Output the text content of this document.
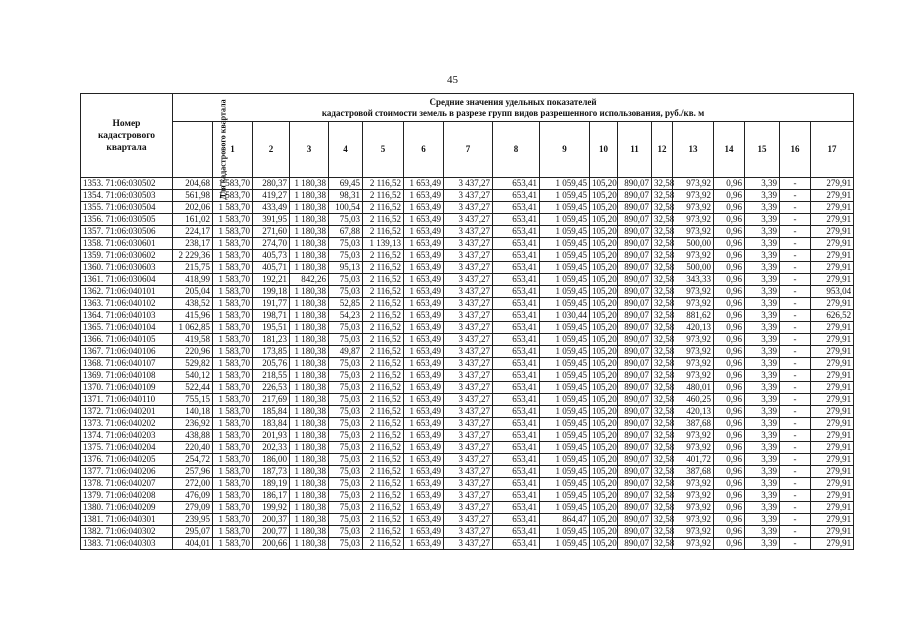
45
Номер кадастрового квартала	Средние значения удельных показателей
кадастровой стоимости земель в разрезе групп видов разрешенного использования, руб./кв. м																	

	Для кадастрового квартала	1	2	3	4	5	6	7	8	9	10	11	12	13	14	15	16	17
1353. 71:06:030502	204,68	1 583,70	280,37	1 180,38	69,45	2 116,52	1 653,49	3 437,27	653,41	1 059,45	105,20	890,07	32,58	973,92	0,96	3,39	-	279,91
1354. 71:06:030503	561,98	1 583,70	419,27	1 180,38	98,31	2 116,52	1 653,49	3 437,27	653,41	1 059,45	105,20	890,07	32,58	973,92	0,96	3,39	-	279,91
1355. 71:06:030504	202,06	1 583,70	433,49	1 180,38	100,54	2 116,52	1 653,49	3 437,27	653,41	1 059,45	105,20	890,07	32,58	973,92	0,96	3,39	-	279,91
1356. 71:06:030505	161,02	1 583,70	391,95	1 180,38	75,03	2 116,52	1 653,49	3 437,27	653,41	1 059,45	105,20	890,07	32,58	973,92	0,96	3,39	-	279,91
1357. 71:06:030506	224,17	1 583,70	271,60	1 180,38	67,88	2 116,52	1 653,49	3 437,27	653,41	1 059,45	105,20	890,07	32,58	973,92	0,96	3,39	-	279,91
1358. 71:06:030601	238,17	1 583,70	274,70	1 180,38	75,03	1 139,13	1 653,49	3 437,27	653,41	1 059,45	105,20	890,07	32,58	500,00	0,96	3,39	-	279,91
1359. 71:06:030602	2 229,36	1 583,70	405,73	1 180,38	75,03	2 116,52	1 653,49	3 437,27	653,41	1 059,45	105,20	890,07	32,58	973,92	0,96	3,39	-	279,91
1360. 71:06:030603	215,75	1 583,70	405,71	1 180,38	95,13	2 116,52	1 653,49	3 437,27	653,41	1 059,45	105,20	890,07	32,58	500,00	0,96	3,39	-	279,91
1361. 71:06:030604	418,99	1 583,70	192,21	842,26	75,03	2 116,52	1 653,49	3 437,27	653,41	1 059,45	105,20	890,07	32,58	343,33	0,96	3,39	-	279,91
1362. 71:06:040101	205,04	1 583,70	199,18	1 180,38	75,03	2 116,52	1 653,49	3 437,27	653,41	1 059,45	105,20	890,07	32,58	973,92	0,96	3,39	-	953,04
1363. 71:06:040102	438,52	1 583,70	191,77	1 180,38	52,85	2 116,52	1 653,49	3 437,27	653,41	1 059,45	105,20	890,07	32,58	973,92	0,96	3,39	-	279,91
1364. 71:06:040103	415,96	1 583,70	198,71	1 180,38	54,23	2 116,52	1 653,49	3 437,27	653,41	1 030,44	105,20	890,07	32,58	881,62	0,96	3,39	-	626,52
1365. 71:06:040104	1 062,85	1 583,70	195,51	1 180,38	75,03	2 116,52	1 653,49	3 437,27	653,41	1 059,45	105,20	890,07	32,58	420,13	0,96	3,39	-	279,91
1366. 71:06:040105	419,58	1 583,70	181,23	1 180,38	75,03	2 116,52	1 653,49	3 437,27	653,41	1 059,45	105,20	890,07	32,58	973,92	0,96	3,39	-	279,91
1367. 71:06:040106	220,96	1 583,70	173,85	1 180,38	49,87	2 116,52	1 653,49	3 437,27	653,41	1 059,45	105,20	890,07	32,58	973,92	0,96	3,39	-	279,91
1368. 71:06:040107	529,82	1 583,70	205,76	1 180,38	75,03	2 116,52	1 653,49	3 437,27	653,41	1 059,45	105,20	890,07	32,58	973,92	0,96	3,39	-	279,91
1369. 71:06:040108	540,12	1 583,70	218,55	1 180,38	75,03	2 116,52	1 653,49	3 437,27	653,41	1 059,45	105,20	890,07	32,58	973,92	0,96	3,39	-	279,91
1370. 71:06:040109	522,44	1 583,70	226,53	1 180,38	75,03	2 116,52	1 653,49	3 437,27	653,41	1 059,45	105,20	890,07	32,58	480,01	0,96	3,39	-	279,91
1371. 71:06:040110	755,15	1 583,70	217,69	1 180,38	75,03	2 116,52	1 653,49	3 437,27	653,41	1 059,45	105,20	890,07	32,58	460,25	0,96	3,39	-	279,91
1372. 71:06:040201	140,18	1 583,70	185,84	1 180,38	75,03	2 116,52	1 653,49	3 437,27	653,41	1 059,45	105,20	890,07	32,58	420,13	0,96	3,39	-	279,91
1373. 71:06:040202	236,92	1 583,70	183,84	1 180,38	75,03	2 116,52	1 653,49	3 437,27	653,41	1 059,45	105,20	890,07	32,58	387,68	0,96	3,39	-	279,91
1374. 71:06:040203	438,88	1 583,70	201,93	1 180,38	75,03	2 116,52	1 653,49	3 437,27	653,41	1 059,45	105,20	890,07	32,58	973,92	0,96	3,39	-	279,91
1375. 71:06:040204	220,40	1 583,70	202,33	1 180,38	75,03	2 116,52	1 653,49	3 437,27	653,41	1 059,45	105,20	890,07	32,58	973,92	0,96	3,39	-	279,91
1376. 71:06:040205	254,72	1 583,70	186,00	1 180,38	75,03	2 116,52	1 653,49	3 437,27	653,41	1 059,45	105,20	890,07	32,58	401,72	0,96	3,39	-	279,91
1377. 71:06:040206	257,96	1 583,70	187,73	1 180,38	75,03	2 116,52	1 653,49	3 437,27	653,41	1 059,45	105,20	890,07	32,58	387,68	0,96	3,39	-	279,91
1378. 71:06:040207	272,00	1 583,70	189,19	1 180,38	75,03	2 116,52	1 653,49	3 437,27	653,41	1 059,45	105,20	890,07	32,58	973,92	0,96	3,39	-	279,91
1379. 71:06:040208	476,09	1 583,70	186,17	1 180,38	75,03	2 116,52	1 653,49	3 437,27	653,41	1 059,45	105,20	890,07	32,58	973,92	0,96	3,39	-	279,91
1380. 71:06:040209	279,09	1 583,70	199,92	1 180,38	75,03	2 116,52	1 653,49	3 437,27	653,41	1 059,45	105,20	890,07	32,58	973,92	0,96	3,39	-	279,91
1381. 71:06:040301	239,95	1 583,70	200,37	1 180,38	75,03	2 116,52	1 653,49	3 437,27	653,41	864,47	105,20	890,07	32,58	973,92	0,96	3,39	-	279,91
1382. 71:06:040302	295,07	1 583,70	200,77	1 180,38	75,03	2 116,52	1 653,49	3 437,27	653,41	1 059,45	105,20	890,07	32,58	973,92	0,96	3,39	-	279,91
1383. 71:06:040303	404,01	1 583,70	200,66	1 180,38	75,03	2 116,52	1 653,49	3 437,27	653,41	1 059,45	105,20	890,07	32,58	973,92	0,96	3,39	-	279,91
